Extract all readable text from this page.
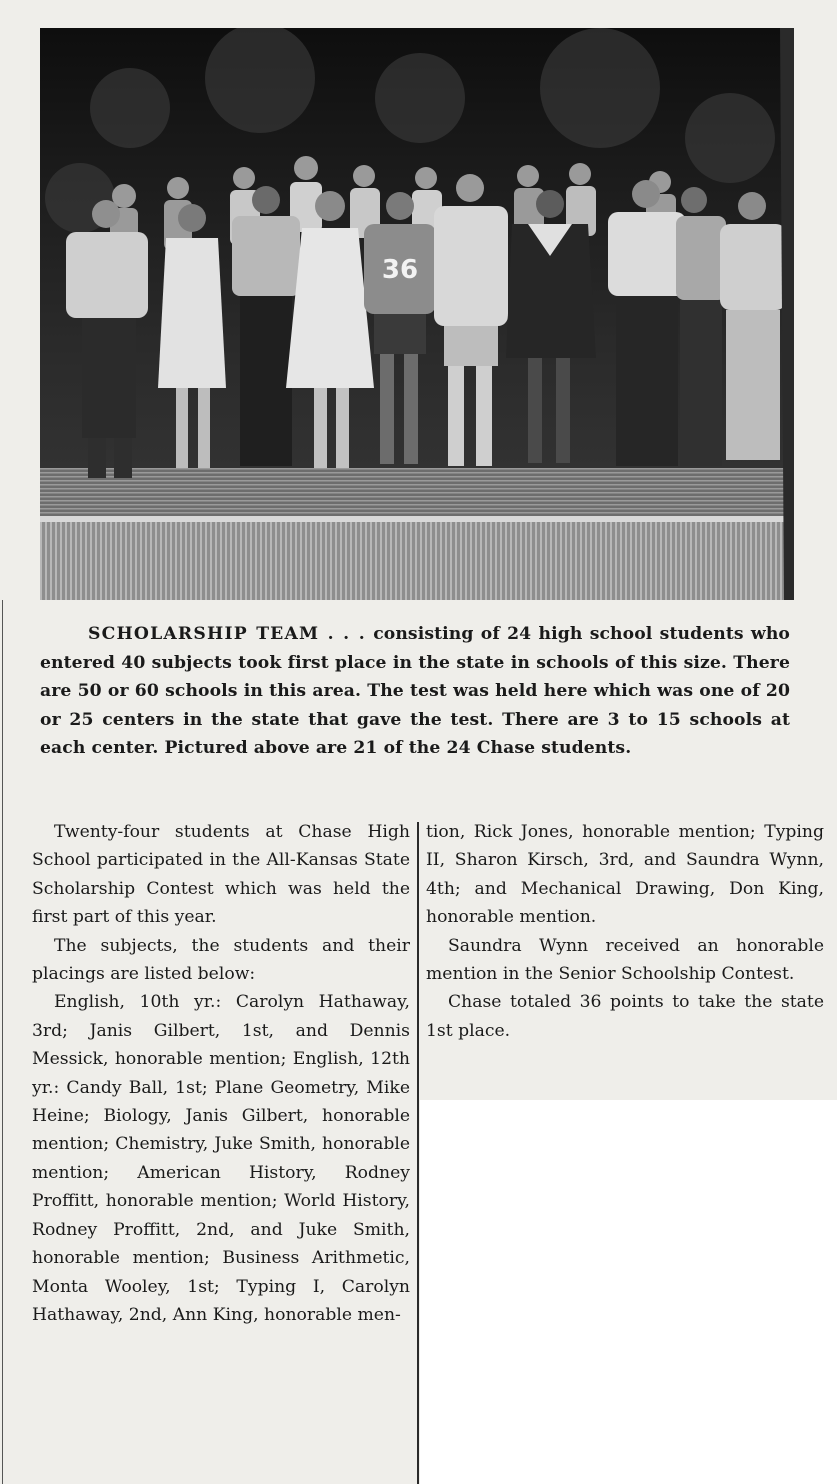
36
SCHOLARSHIP TEAM . . . consisting of 24 high school students who entered 40 subjects took first place in the state in schools of this size. There are 50 or 60 schools in this area. The test was held here which was one of 20 or 25 centers in the state that gave the test. There are 3 to 15 schools at each center. Pictured above are 21 of the 24 Chase students.

Twenty-four students at Chase High School participated in the All-Kansas State Scholarship Contest which was held the first part of this year.

The subjects, the students and their placings are listed below:

English, 10th yr.: Carolyn Hathaway, 3rd; Janis Gilbert, 1st, and Dennis Messick, honorable mention; English, 12th yr.: Candy Ball, 1st; Plane Geometry, Mike Heine; Biology, Janis Gilbert, honorable mention; Chemistry, Juke Smith, honorable mention; American History, Rodney Proffitt, honorable mention; World History, Rodney Proffitt, 2nd, and Juke Smith, honorable mention; Business Arithmetic, Monta Wooley, 1st; Typing I, Carolyn Hathaway, 2nd, Ann King, honorable men-

tion, Rick Jones, honorable mention; Typing II, Sharon Kirsch, 3rd, and Saundra Wynn, 4th; and Mechanical Drawing, Don King, honorable mention.

Saundra Wynn received an honorable mention in the Senior Schoolship Contest.

Chase totaled 36 points to take the state 1st place.
